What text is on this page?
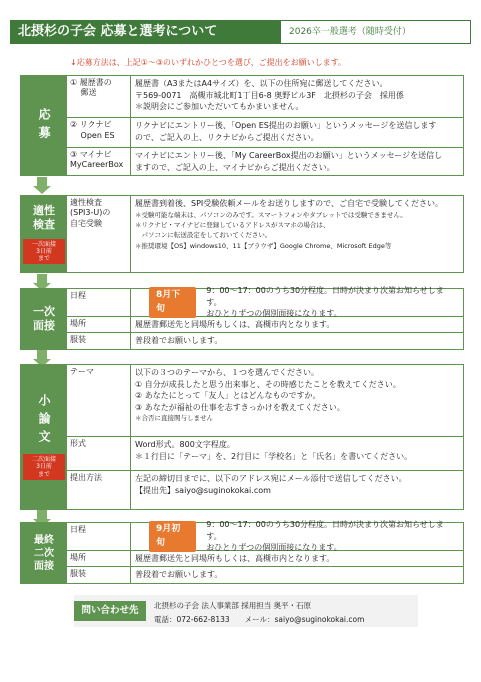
北摂杉の子会 応募と選考について	2026卒一般選考（随時受付）
↓応募方法は、上記①～③のいずれかひとつを選び、ご提出をお願いします。
応募
① 履歴書の
　 郵送
履歴書（A3またはA4サイズ）を、以下の住所宛に郵送してください。
〒569-0071　高槻市城北町1丁目6-8 奥野ビル3F　北摂杉の子会　採用係
＊説明会にご参加いただいてもかまいません。
② リクナビ
　 Open ES
リクナビにエントリー後、「Open ES提出のお願い」というメッセージを送信します
ので、ご記入の上、リクナビからご提出ください。
③ マイナビ
MyCareerBox
マイナビにエントリー後、「My CareerBox提出のお願い」というメッセージを送信し
ますので、ご記入の上、マイナビからご提出ください。
適性
検査
一次面接
3日前
まで
適性検査
(SPI3-U)の
自宅受験
履歴書到着後、SPI受験依頼メールをお送りしますので、ご自宅で受験してください。
＊受験可能な端末は、パソコンのみです。スマートフォンやタブレットでは受験できません。
＊リクナビ・マイナビに登録しているアドレスがスマホの場合は、
　パソコンに転送設定をしておいてください。
＊推奨環境【OS】windows10、11【ブラウザ】Google Chrome、Microsoft Edge等
一次
面接
日程	8月下旬
9：00～17：00のうち30分程度。日時が決まり次第お知らせします。
おひとりずつの個別面接になります。
場所	履歴書郵送先と同場所もしくは、高槻市内となります。
服装	普段着でお願いします。
小論文
二次面接
3日前
まで
テーマ	以下の３つのテーマから、１つを選んでください。
① 自分が成長したと思う出来事と、その時感じたことを教えてください。
② あなたにとって「友人」とはどんなものですか。
③ あなたが福祉の仕事を志すきっかけを教えてください。
＊合否に直接関与しません
形式	Word形式。800文字程度。
＊１行目に「テーマ」を、2行目に「学校名」と「氏名」を書いてください。
提出方法	左記の締切日までに、以下のアドレス宛にメール添付で送信してください。
【提出先】saiyo@suginokokai.com
最終
二次
面接
日程	9月初旬
9：00～17：00のうち30分程度。日時が決まり次第お知らせします。
おひとりずつの個別面接になります。
場所	履歴書郵送先と同場所もしくは、高槻市内となります。
服装	普段着でお願いします。
問い合わせ先	北摂杉の子会 法人事業部 採用担当 奥平・石原
電話：072-662-8133　　メール：saiyo@suginokokai.com
